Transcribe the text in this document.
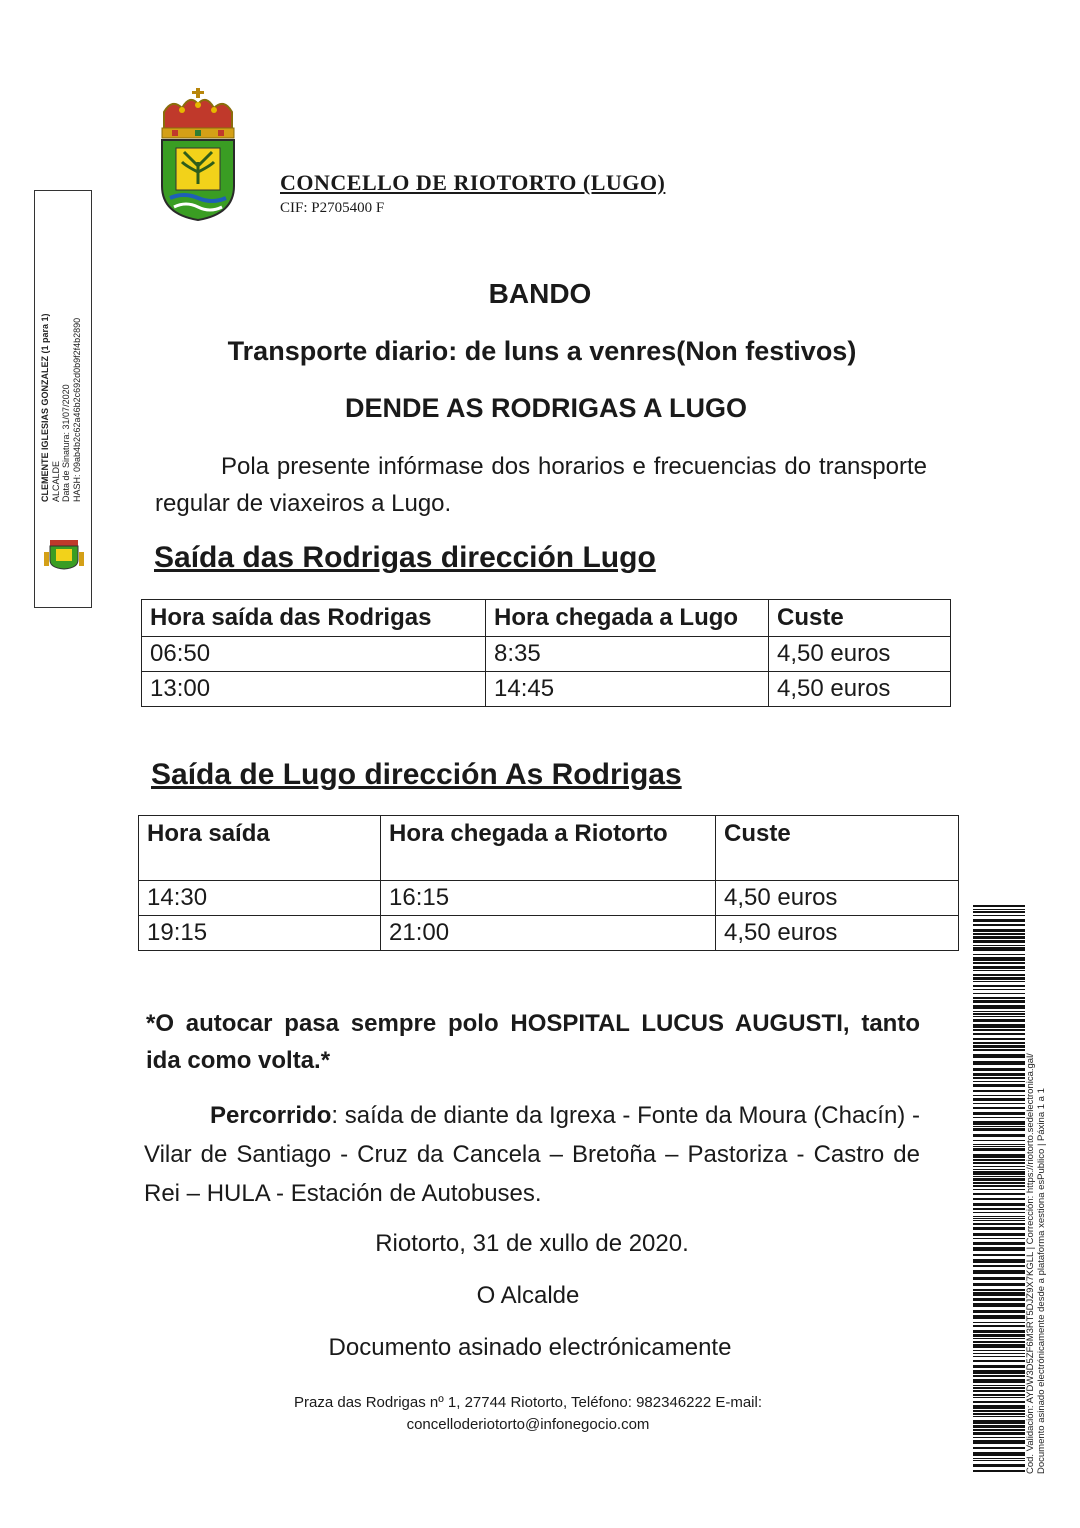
CONCELLO DE RIOTORTO (LUGO)
CIF: P2705400 F
CLEMENTE IGLESIAS GONZALEZ (1 para 1) ALCALDE Data de Sinatura: 31/07/2020 HASH: 09ab4b2c62a46b2c692d0b9f2f4b2890
BANDO
Transporte diario: de luns a venres(Non festivos)
DENDE AS RODRIGAS A LUGO
Pola presente infórmase dos horarios e frecuencias do transporte regular de viaxeiros a Lugo.
Saída das Rodrigas dirección Lugo
Hora saída das Rodrigas	Hora chegada a Lugo	Custe
06:50	8:35	4,50 euros
13:00	14:45	4,50 euros
Saída de Lugo dirección As Rodrigas
Hora saída	Hora chegada a Riotorto	Custe
14:30	16:15	4,50 euros
19:15	21:00	4,50 euros
*O autocar pasa sempre polo HOSPITAL LUCUS AUGUSTI, tanto ida como volta.*
Percorrido: saída de diante da Igrexa - Fonte da Moura (Chacín) - Vilar de Santiago - Cruz da Cancela – Bretoña – Pastoriza - Castro de Rei – HULA - Estación de Autobuses.
Riotorto, 31 de xullo de 2020.
O Alcalde
Documento asinado electrónicamente
Praza das Rodrigas nº 1, 27744 Riotorto, Teléfono: 982346222 E-mail:
concelloderiotorto@infonegocio.com	Cod. Validación: AYDW3D5ZF6M3RT5DJZ9X7KGLL | Corrección: https://riotorto.sedelectronica.gal/ Documento asinado electrónicamente desde a plataforma xestiona esPublico | Páxina 1 a 1
